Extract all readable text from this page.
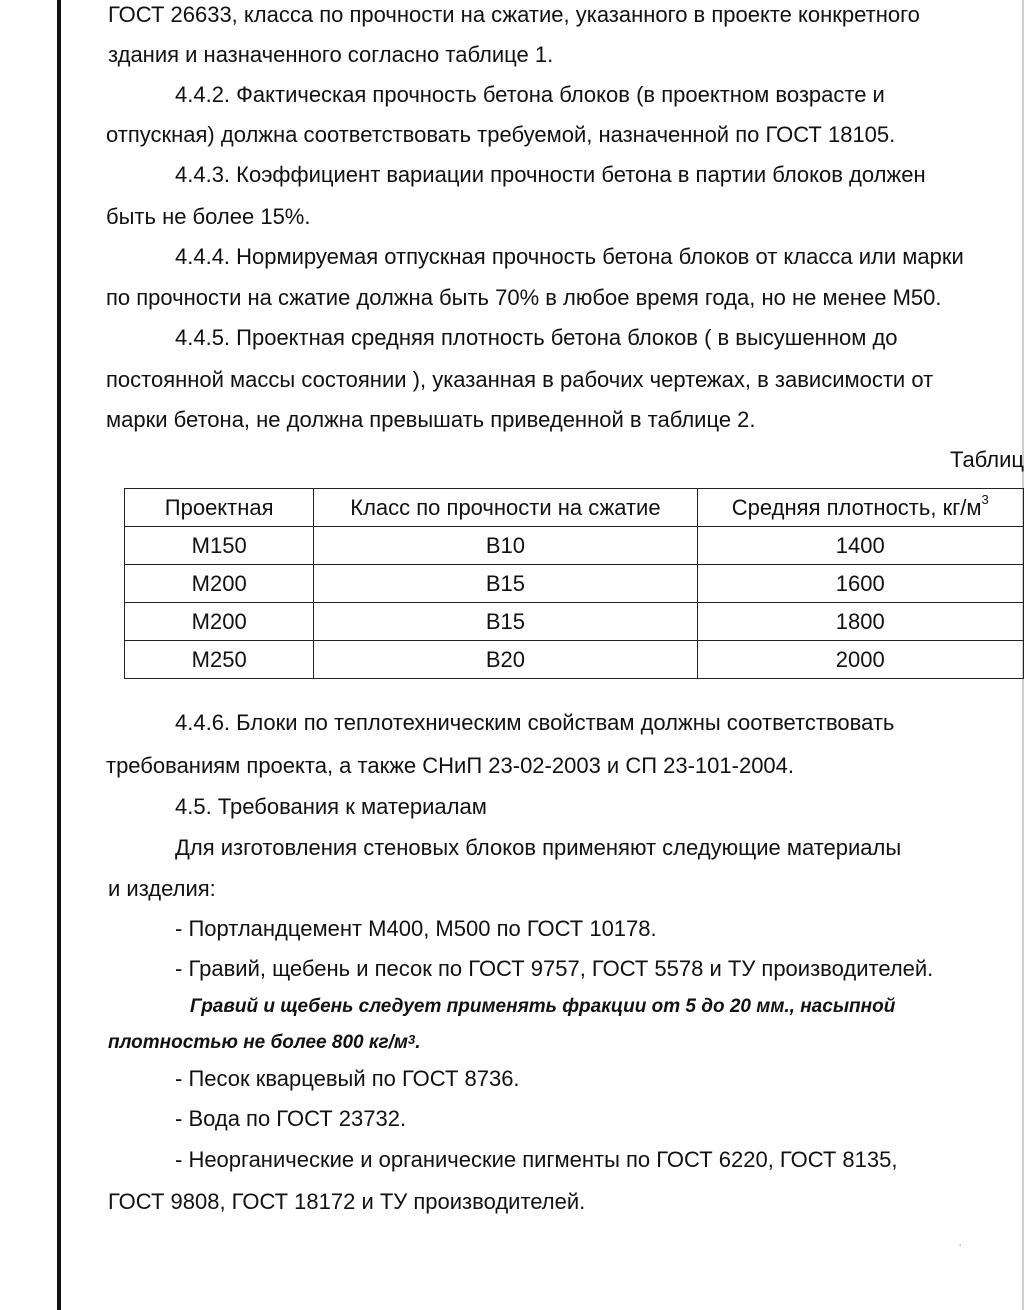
ГОСТ 26633, класса по прочности на сжатие, указанного в проекте конкретного
здания и назначенного согласно таблице 1.
4.4.2. Фактическая прочность бетона блоков (в проектном возрасте и
отпускная) должна соответствовать требуемой, назначенной по ГОСТ 18105.
4.4.3. Коэффициент вариации прочности бетона в партии блоков должен
быть не более 15%.
4.4.4. Нормируемая отпускная прочность бетона блоков от класса или марки
по прочности на сжатие должна быть 70% в любое время года, но не менее М50.
4.4.5. Проектная средняя плотность бетона блоков ( в высушенном до
постоянной массы состоянии ), указанная в рабочих чертежах, в зависимости от
марки бетона, не должна превышать приведенной в таблице 2.
Таблиц
Проектная	Класс по прочности на сжатие	Средняя плотность, $кг/м^3$
М150	В10	1400
М200	В15	1600
М200	В15	1800
М250	В20	2000
4.4.6. Блоки по теплотехническим свойствам должны соответствовать
требованиям проекта, а также СНиП 23-02-2003 и СП 23-101-2004.
4.5. Требования к материалам
Для изготовления стеновых блоков применяют следующие материалы
и изделия:
- Портландцемент М400, М500 по ГОСТ 10178.
- Гравий, щебень и песок по ГОСТ 9757, ГОСТ 5578 и ТУ производителей.
Гравий и щебень следует применять фракции от 5 до 20 мм., насыпной
плотностью не более 800 $кг/м^3$.
- Песок кварцевый по ГОСТ 8736.
- Вода по ГОСТ 23732.
- Неорганические и органические пигменты по ГОСТ 6220, ГОСТ 8135,
ГОСТ 9808, ГОСТ 18172 и ТУ производителей.
·
